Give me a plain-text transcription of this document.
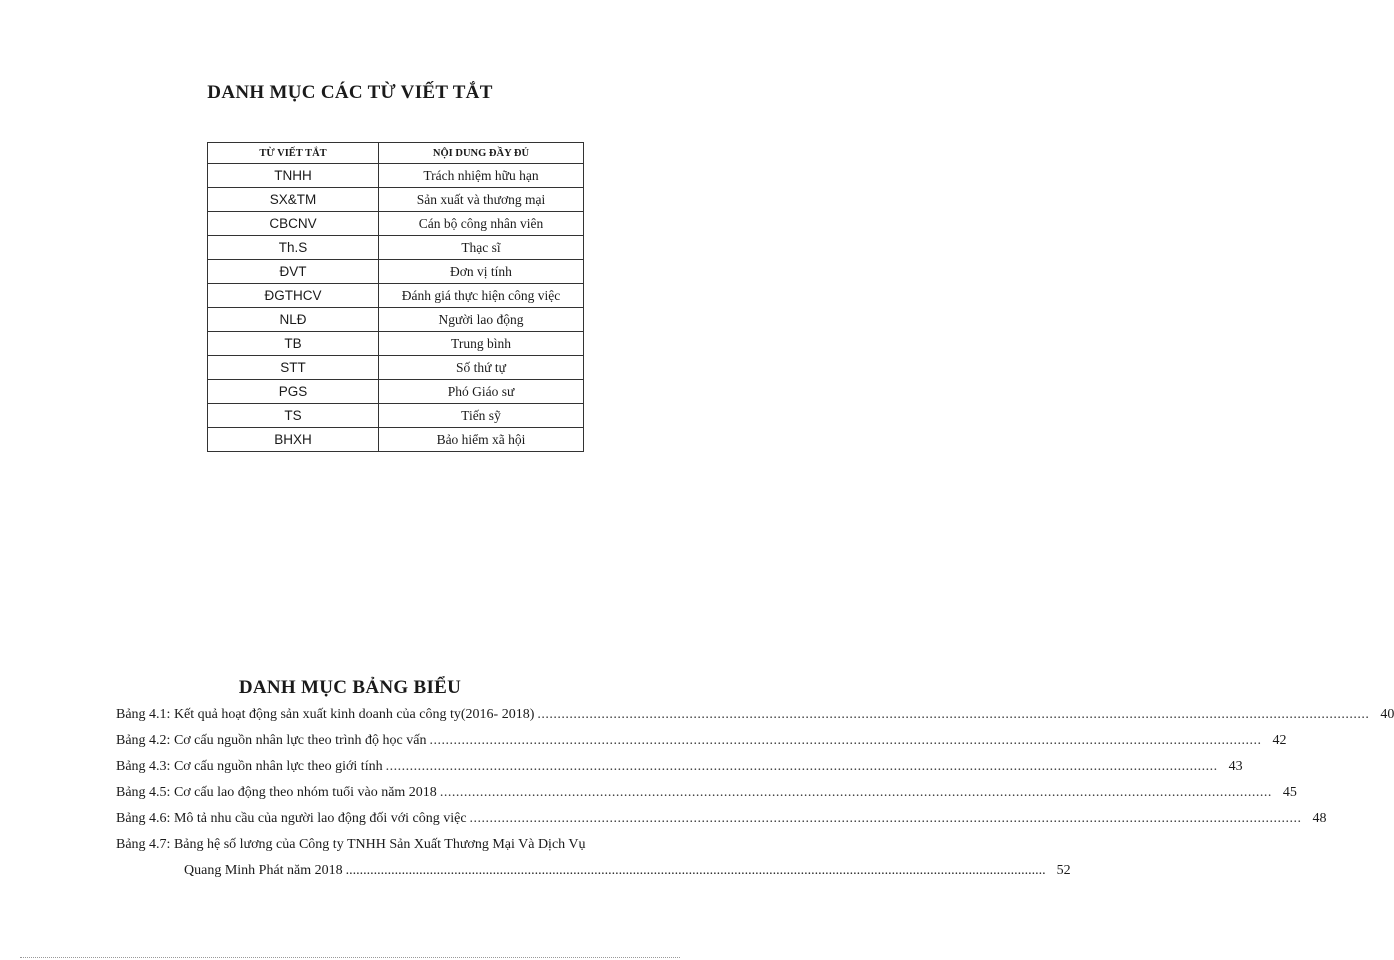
DANH MỤC CÁC TỪ VIẾT TẮT
TỪ VIẾT TẮT	NỘI DUNG ĐẦY ĐỦ
TNHH	Trách nhiệm hữu hạn
SX&TM	Sản xuất và thương mại
CBCNV	Cán bộ công nhân viên
Th.S	Thạc sĩ
ĐVT	Đơn vị tính
ĐGTHCV	Đánh giá thực hiện công việc
NLĐ	Người lao động
TB	Trung bình
STT	Số thứ tự
PGS	Phó Giáo sư
TS	Tiến sỹ
BHXH	Bảo hiểm xã hội
DANH MỤC BẢNG BIỂU
Bảng 4.1: Kết quả hoạt động sản xuất kinh doanh của công ty(2016- 2018) .....	40
Bảng 4.2: Cơ cấu nguồn nhân lực theo trình độ học vấn .....	42
Bảng 4.3: Cơ cấu nguồn nhân lực theo giới tính .....	43
Bảng 4.5: Cơ cấu lao động theo nhóm tuổi vào năm 2018 .....	45
Bảng 4.6: Mô tả nhu cầu của người lao động đối với công việc .....	48
Bảng 4.7: Bảng hệ số lương của Công ty TNHH Sản Xuất Thương Mại Và Dịch Vụ
Quang Minh Phát năm 2018 ........................................................................................................................................................................................................ 52
